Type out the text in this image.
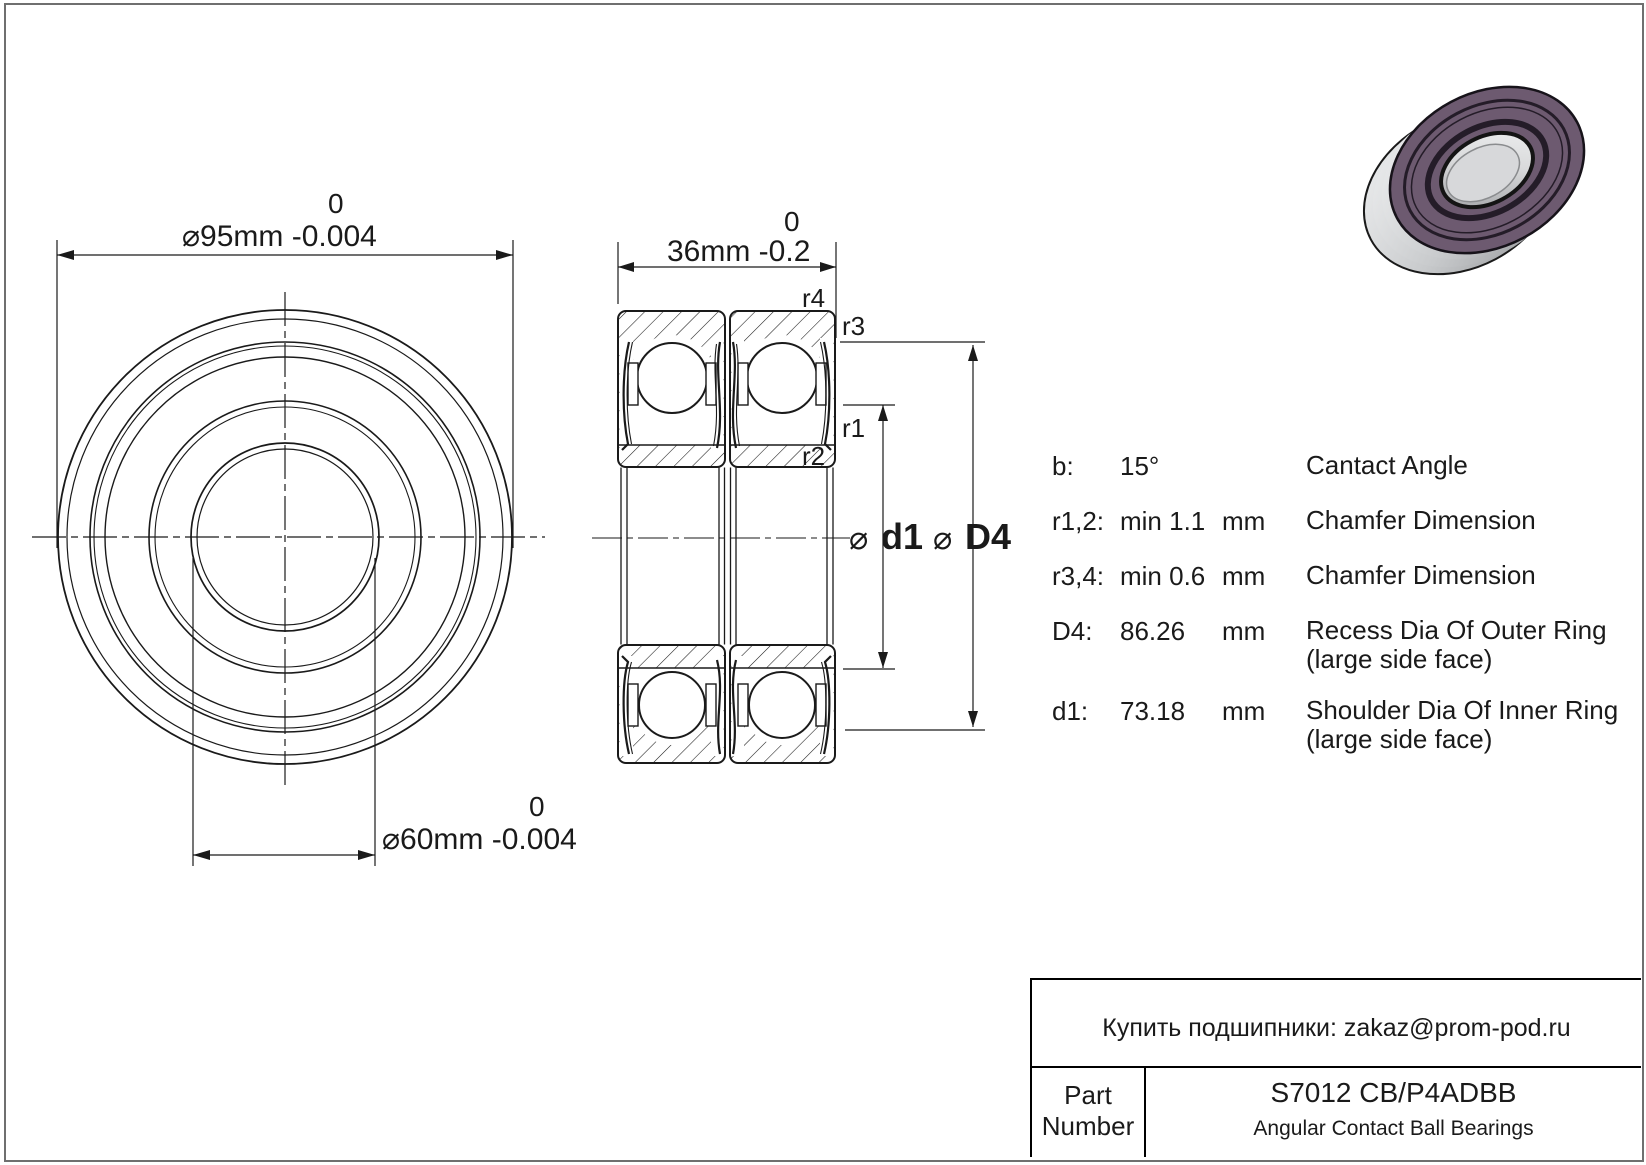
⌀95mm -0.004
0
⌀60mm -0.004
0
36mm -0.2
0
r4
r3
r1
r2
⌀ d1 ⌀ D4
b: 15°	Cantact Angle
r1,2: min 1.1 mm Chamfer Dimension
r3,4: min 0.6 mm Chamfer Dimension
D4: 86.26 mm Recess Dia Of Outer Ring
(large side face)
d1: 73.18 mm Shoulder Dia Of Inner Ring
(large side face)
Купить подшипники: zakaz@prom-pod.ru
Part
Number
S7012 CB/P4ADBB
Angular Contact Ball Bearings
